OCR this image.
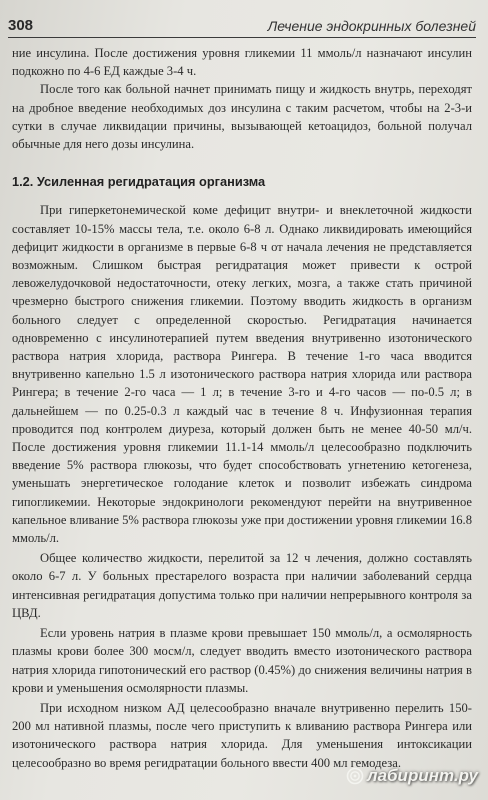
308	Лечение эндокринных болезней

ние инсулина. После достижения уровня гликемии 11 ммоль/л назначают инсулин подкожно по 4-6 ЕД каждые 3-4 ч.

После того как больной начнет принимать пищу и жидкость внутрь, переходят на дробное введение необходимых доз инсулина с таким расчетом, чтобы на 2-3-и сутки в случае ликвидации причины, вызывающей кетоацидоз, больной получал обычные для него дозы инсулина.

1.2. Усиленная регидратация организма

При гиперкетонемической коме дефицит внутри- и внеклеточной жидкости составляет 10-15% массы тела, т.е. около 6-8 л. Однако ликвидировать имеющийся дефицит жидкости в организме в первые 6-8 ч от начала лечения не представляется возможным. Слишком быстрая регидратация может привести к острой левожелудочковой недостаточности, отеку легких, мозга, а также стать причиной чрезмерно быстрого снижения гликемии. Поэтому вводить жидкость в организм больного следует с определенной скоростью. Регидратация начинается одновременно с инсулинотерапией путем введения внутривенно изотонического раствора натрия хлорида, раствора Рингера. В течение 1-го часа вводится внутривенно капельно 1.5 л изотонического раствора натрия хлорида или раствора Рингера; в течение 2-го часа — 1 л; в течение 3-го и 4-го часов — по-0.5 л; в дальнейшем — по 0.25-0.3 л каждый час в течение 8 ч. Инфузионная терапия проводится под контролем диуреза, который должен быть не менее 40-50 мл/ч. После достижения уровня гликемии 11.1-14 ммоль/л целесообразно подключить введение 5% раствора глюкозы, что будет способствовать угнетению кетогенеза, уменьшать энергетическое голодание клеток и позволит избежать синдрома гипогликемии. Некоторые эндокринологи рекомендуют перейти на внутривенное капельное вливание 5% раствора глюкозы уже при достижении уровня гликемии 16.8 ммоль/л.

Общее количество жидкости, перелитой за 12 ч лечения, должно составлять около 6-7 л. У больных престарелого возраста при наличии заболеваний сердца интенсивная регидратация допустима только при наличии непрерывного контроля за ЦВД.

Если уровень натрия в плазме крови превышает 150 ммоль/л, а осмолярность плазмы крови более 300 мосм/л, следует вводить вместо изотонического раствора натрия хлорида гипотонический его раствор (0.45%) до снижения величины натрия в крови и уменьшения осмолярности плазмы.

При исходном низком АД целесообразно вначале внутривенно перелить 150-200 мл нативной плазмы, после чего приступить к вливанию раствора Рингера или изотонического раствора натрия хлорида. Для уменьшения интоксикации целесообразно во время регидратации больного ввести 400 мл гемодеза.

лабиринт.ру
